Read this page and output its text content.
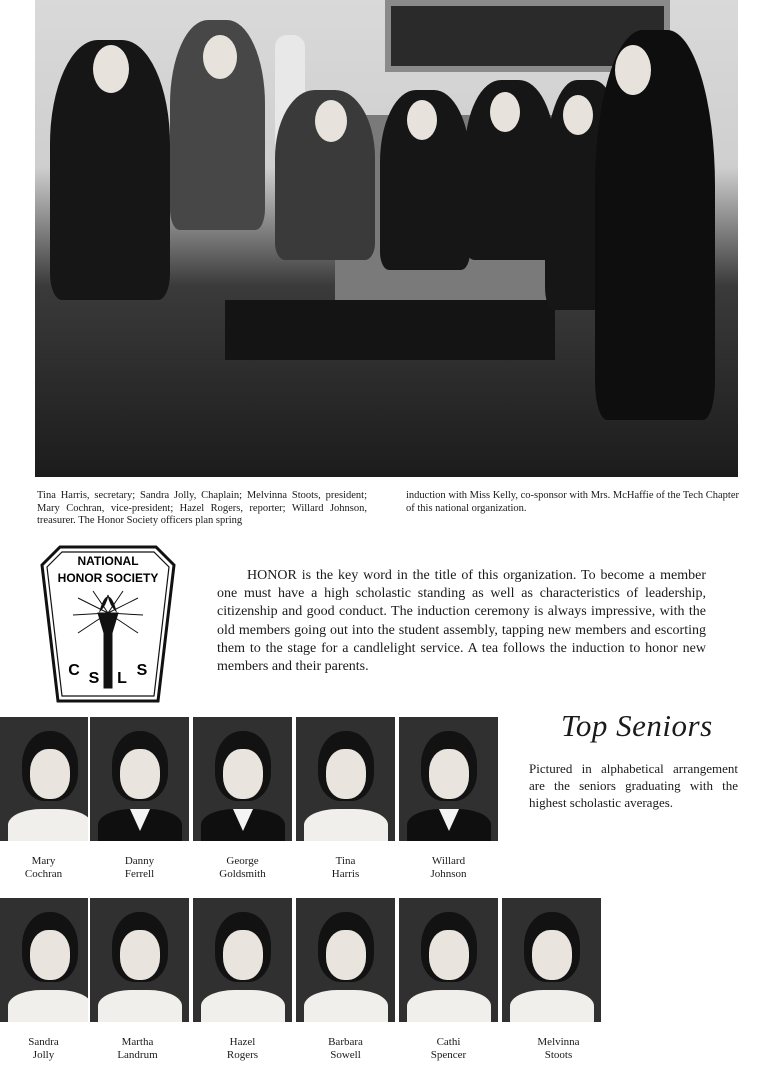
Tina Harris, secretary; Sandra Jolly, Chaplain; Melvinna Stoots, president; Mary Cochran, vice-president; Hazel Rogers, reporter; Willard Johnson, treasurer. The Honor Society officers plan spring
induction with Miss Kelly, co-sponsor with Mrs. McHaffie of the Tech Chapter of this national organization.
NATIONAL
HONOR SOCIETY
C S L S

HONOR is the key word in the title of this organization. To become a member one must have a high scholastic standing as well as characteristics of leadership, citizenship and good conduct. The induction ceremony is always impressive, with the old members going out into the student assembly, tapping new members and escorting them to the stage for a candlelight service. A tea follows the induction to honor new members and their parents.

Top Seniors

Pictured in alphabetical arrangement are the seniors graduating with the highest scholastic averages.

Mary
Cochran
Danny
Ferrell
George
Goldsmith
Tina
Harris
Willard
Johnson
Sandra
Jolly
Martha
Landrum
Hazel
Rogers
Barbara
Sowell
Cathi
Spencer
Melvinna
Stoots
